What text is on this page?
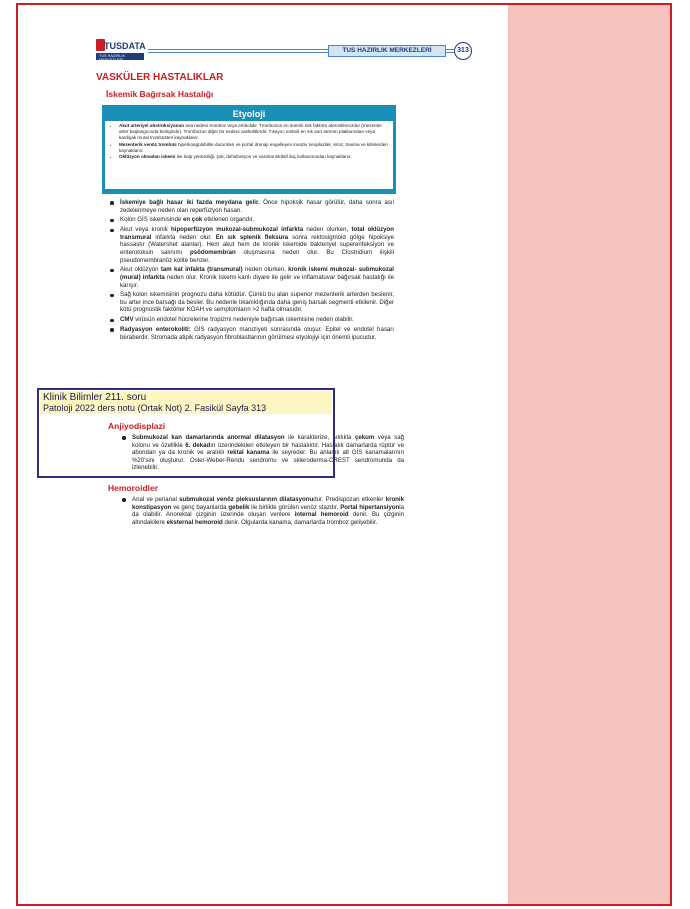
TUSDATA
TUS HAZIRLIK MERKEZLERİ
TUS HAZIRLIK MERKEZLERİ	313
VASKÜLER HASTALIKLAR
İskemik Bağırsak Hastalığı
Etyoloji
• Akut arteriyel obstrüksiyonun ana nedeni tromboz veya embolidir. Trombozun en önemli risk faktörü aterosklerozdur (mezenter arter başlangıcında belirgindir). Trombozun diğer bir nedeni vaskülitlerdir. Tıkayıcı emboli en sık aort aterom plaklarından veya kardiyak mural trombüsten kaynaklanır.
• Mezenterik venöz trombüs hiperkoagülobilite durumları ve portal drenajı engelleyen invaziv neoplaziler, siroz, travma ve kitlelerden kaynaklanır.
• Oklüzyon olmadan iskemi ise kalp yetmezliği, şok, dehidrasyon ve vazokonstriktif ilaç kullanımından kaynaklanır.
İskemiye bağlı hasar iki fazda meydana gelir. Önce hipoksik hasar görülür, daha sonra asıl zedelenmeye neden olan reperfüzyon hasarı.
Kolon GİS iskemisinde en çok etkilenen organdır.
Akut veya kronik hipoperfüzyon mukozal-submukozal infarkta neden olurken, total oklüzyon transmural infarkta neden olur. En sık splenik fleksura sonra rektosigmoid gölge hipoksiye hassastır (Watershet alanlar). Hem akut hem de kronik iskemide bakteriyel superenfeksiyon ve enterotoksin salınımı psödomembran oluşmasına neden olur. Bu Clostridium ilişkili pseudomembranöz kolite benzer.
Akut oklüzyon tam kat infakta (transmural) neden olurken, kronik iskemi mukozal- submukozal (mural) infarkta neden olur. Kronik iskemi kanlı diyare ile gelir ve inflamatuvar bağırsak hastalığı ile karışır.
Sağ kolon iskemisinin prognozu daha kötüdür. Çünkü bu alan superior mezenterik arterden beslenir, bu arter ince barsağı da besler. Bu nedenle tıkanıklığında daha geniş barsak segmenti etkilenir. Diğer kötü prognostik faktörler KOAH ve semptomların >2 hafta olmasıdır.
CMV virüsün endotel hücrelerine tropizmi nedeniyle bağırsak iskemisine neden olabilir.
Radyasyon enterokoliti: GİS radyasyon maruziyeti sonrasında oluşur. Epitel ve endotel hasarı beraberdir. Stromada atipik radyasyon fibroblastlarının görülmesi etyolojiyi için önemli ipucudur.
Anjiyodisplazi
Submukozal kan damarlarında anormal dilatasyon ile karakterize, sıklıkla çekum veya sağ kolonu ve özellikle 6. dekadın üzerindekileri etkileyen bir hastalıktır. Hastalık damarlarda rüptür ve abondan ya da kronik ve aralıklı rektal kanama ile seyreder. Bu anlamlı alt GİS kanamalarının %20'sini oluşturur. Osler-Weber-Rendu sendromu ve skleroderma-CREST sendromunda da izlenebilir.
Hemoroidler
Anal ve perianal submukozal venöz pleksuslarının dilatasyonudur. Predispozan etkenler kronik konstipasyon ve genç bayanlarda gebelik ile birlikte görülen venöz stazdır. Portal hipertansiyonla da olabilir. Anorektal çizginin üzerinde oluşan venlere internal hemoroid denir. Bu çizginin altındakilere eksternal hemoroid denir. Olgularda kanama, damarlarda tromboz gelişebilir.
Klinik Bilimler 211. soru
Patoloji 2022 ders notu (Ortak Not) 2. Fasikül Sayfa 313
